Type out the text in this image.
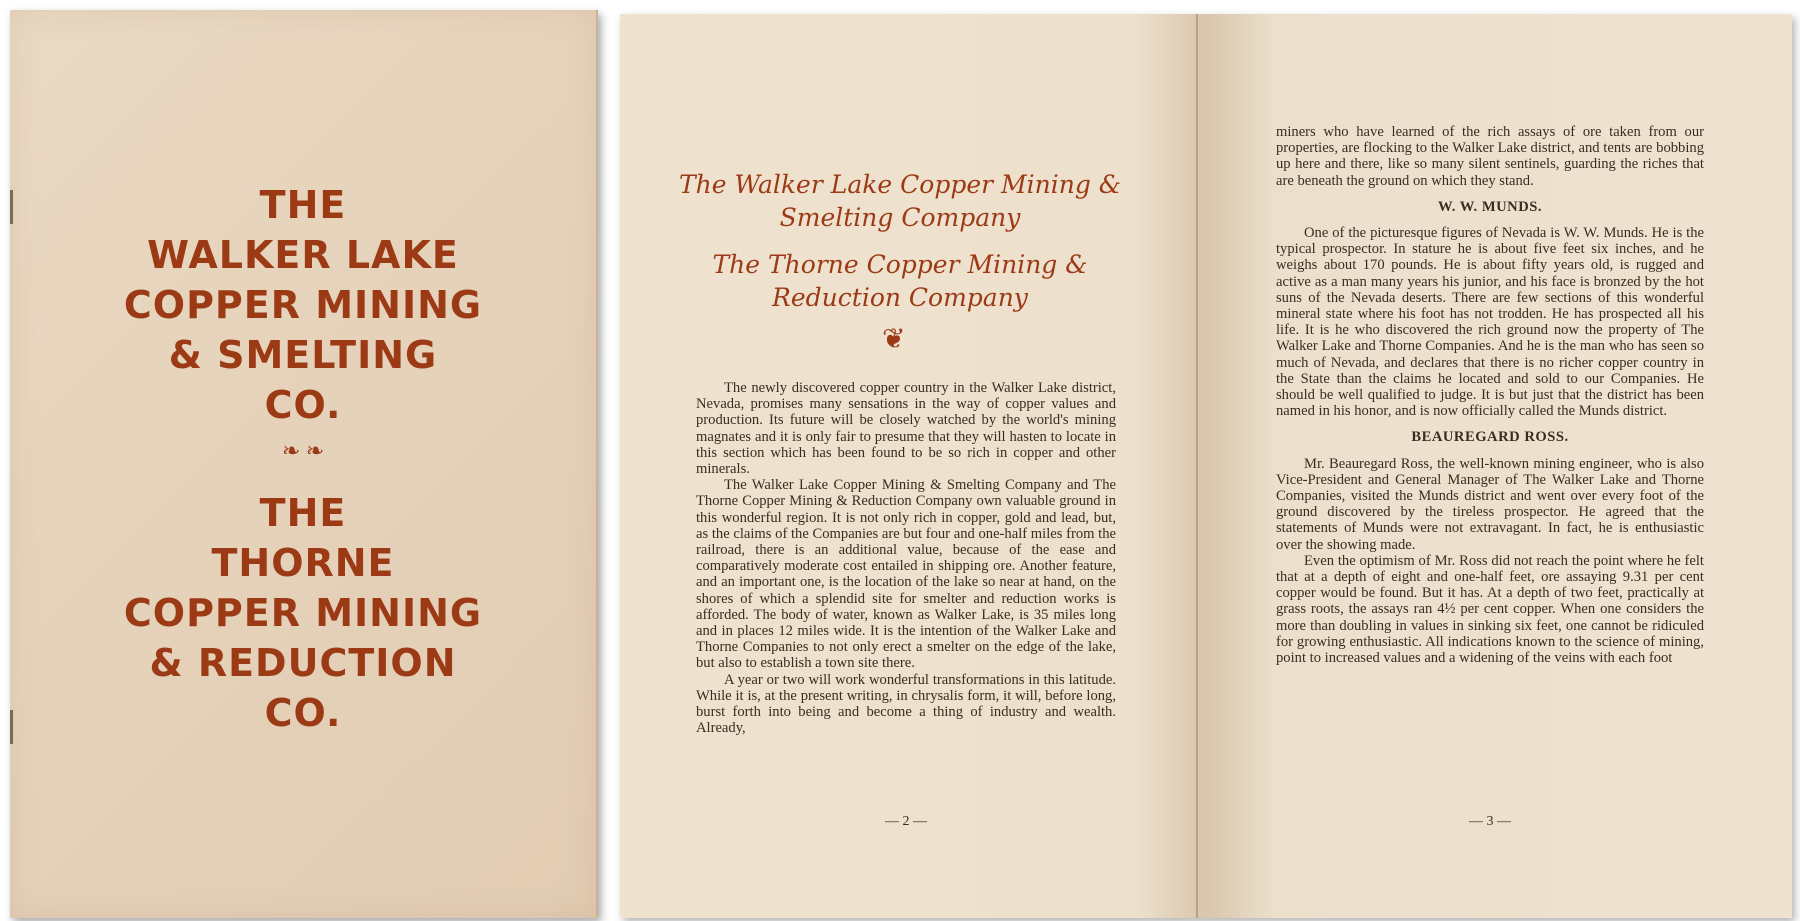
THE
WALKER LAKE
COPPER MINING
& SMELTING
CO.
❧ ❧
THE
THORNE
COPPER MINING
& REDUCTION
CO.
The Walker Lake Copper Mining &
Smelting Company
The Thorne Copper Mining &
Reduction Company
❦

The newly discovered copper country in the Walker Lake district, Nevada, promises many sensations in the way of copper values and production. Its future will be closely watched by the world's mining magnates and it is only fair to presume that they will hasten to locate in this section which has been found to be so rich in copper and other minerals.

The Walker Lake Copper Mining & Smelting Company and The Thorne Copper Mining & Reduction Company own valuable ground in this wonderful region. It is not only rich in copper, gold and lead, but, as the claims of the Companies are but four and one-half miles from the railroad, there is an additional value, because of the ease and comparatively moderate cost entailed in shipping ore. Another feature, and an important one, is the location of the lake so near at hand, on the shores of which a splendid site for smelter and reduction works is afforded. The body of water, known as Walker Lake, is 35 miles long and in places 12 miles wide. It is the intention of the Walker Lake and Thorne Companies to not only erect a smelter on the edge of the lake, but also to establish a town site there.

A year or two will work wonderful transformations in this latitude. While it is, at the present writing, in chrysalis form, it will, before long, burst forth into being and become a thing of industry and wealth. Already,

— 2 —

miners who have learned of the rich assays of ore taken from our properties, are flocking to the Walker Lake district, and tents are bobbing up here and there, like so many silent sentinels, guarding the riches that are beneath the ground on which they stand.

W. W. MUNDS.

One of the picturesque figures of Nevada is W. W. Munds. He is the typical prospector. In stature he is about five feet six inches, and he weighs about 170 pounds. He is about fifty years old, is rugged and active as a man many years his junior, and his face is bronzed by the hot suns of the Nevada deserts. There are few sections of this wonderful mineral state where his foot has not trodden. He has prospected all his life. It is he who discovered the rich ground now the property of The Walker Lake and Thorne Companies. And he is the man who has seen so much of Nevada, and declares that there is no richer copper country in the State than the claims he located and sold to our Companies. He should be well qualified to judge. It is but just that the district has been named in his honor, and is now officially called the Munds district.

BEAUREGARD ROSS.

Mr. Beauregard Ross, the well-known mining engineer, who is also Vice-President and General Manager of The Walker Lake and Thorne Companies, visited the Munds district and went over every foot of the ground discovered by the tireless prospector. He agreed that the statements of Munds were not extravagant. In fact, he is enthusiastic over the showing made.

Even the optimism of Mr. Ross did not reach the point where he felt that at a depth of eight and one-half feet, ore assaying 9.31 per cent copper would be found. But it has. At a depth of two feet, practically at grass roots, the assays ran 4½ per cent copper. When one considers the more than doubling in values in sinking six feet, one cannot be ridiculed for growing enthusiastic. All indications known to the science of mining, point to increased values and a widening of the veins with each foot

— 3 —
